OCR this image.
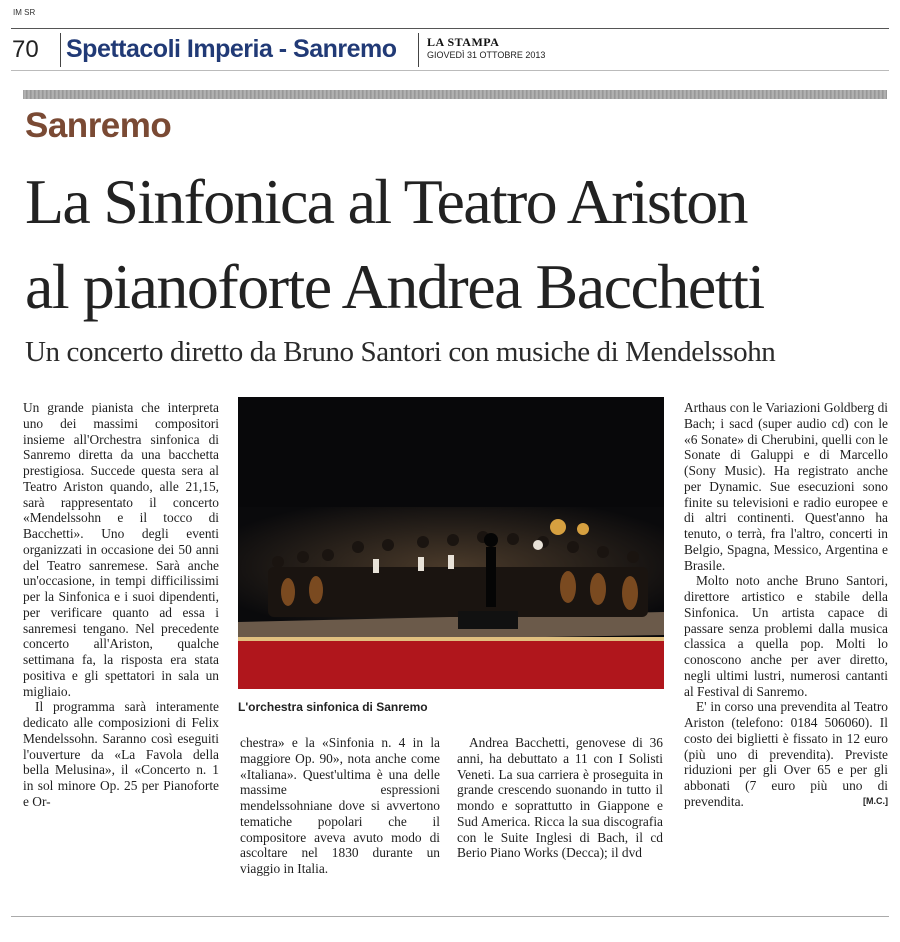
IM SR
70 Spettacoli Imperia - Sanremo	LA STAMPA
GIOVEDÌ 31 OTTOBRE 2013
Sanremo
La Sinfonica al Teatro Ariston
al pianoforte Andrea Bacchetti
Un concerto diretto da Bruno Santori con musiche di Mendelssohn

Un grande pianista che interpreta uno dei massimi compositori insieme all'Orchestra sinfonica di Sanremo diretta da una bacchetta prestigiosa. Succede questa sera al Teatro Ariston quando, alle 21,15, sarà rappresentato il concerto «Mendelssohn e il tocco di Bacchetti». Uno degli eventi organizzati in occasione dei 50 anni del Teatro sanremese. Sarà anche un'occasione, in tempi difficilissimi per la Sinfonica e i suoi dipendenti, per verificare quanto ad essa i sanremesi tengano. Nel precedente concerto all'Ariston, qualche settimana fa, la risposta era stata positiva e gli spettatori in sala un migliaio.

Il programma sarà interamente dedicato alle composizioni di Felix Mendelssohn. Saranno così eseguiti l'ouverture da «La Favola della bella Melusina», il «Concerto n. 1 in sol minore Op. 25 per Pianoforte e Or-

L'orchestra sinfonica di Sanremo

chestra» e la «Sinfonia n. 4 in la maggiore Op. 90», nota anche come «Italiana». Quest'ultima è una delle massime espressioni mendelssohniane dove si avvertono tematiche popolari che il compositore aveva avuto modo di ascoltare nel 1830 durante un viaggio in Italia.

Andrea Bacchetti, genovese di 36 anni, ha debuttato a 11 con I Solisti Veneti. La sua carriera è proseguita in grande crescendo suonando in tutto il mondo e soprattutto in Giappone e Sud America. Ricca la sua discografia con le Suite Inglesi di Bach, il cd Berio Piano Works (Decca); il dvd

Arthaus con le Variazioni Goldberg di Bach; i sacd (super audio cd) con le «6 Sonate» di Cherubini, quelli con le Sonate di Galuppi e di Marcello (Sony Music). Ha registrato anche per Dynamic. Sue esecuzioni sono finite su televisioni e radio europee e di altri continenti. Quest'anno ha tenuto, o terrà, fra l'altro, concerti in Belgio, Spagna, Messico, Argentina e Brasile.

Molto noto anche Bruno Santori, direttore artistico e stabile della Sinfonica. Un artista capace di passare senza problemi dalla musica classica a quella pop. Molti lo conoscono anche per aver diretto, negli ultimi lustri, numerosi cantanti al Festival di Sanremo.

E' in corso una prevendita al Teatro Ariston (telefono: 0184 506060). Il costo dei biglietti è fissato in 12 euro (più uno di prevendita). Previste riduzioni per gli Over 65 e per gli abbonati (7 euro più uno di prevendita.	[M.C.]
